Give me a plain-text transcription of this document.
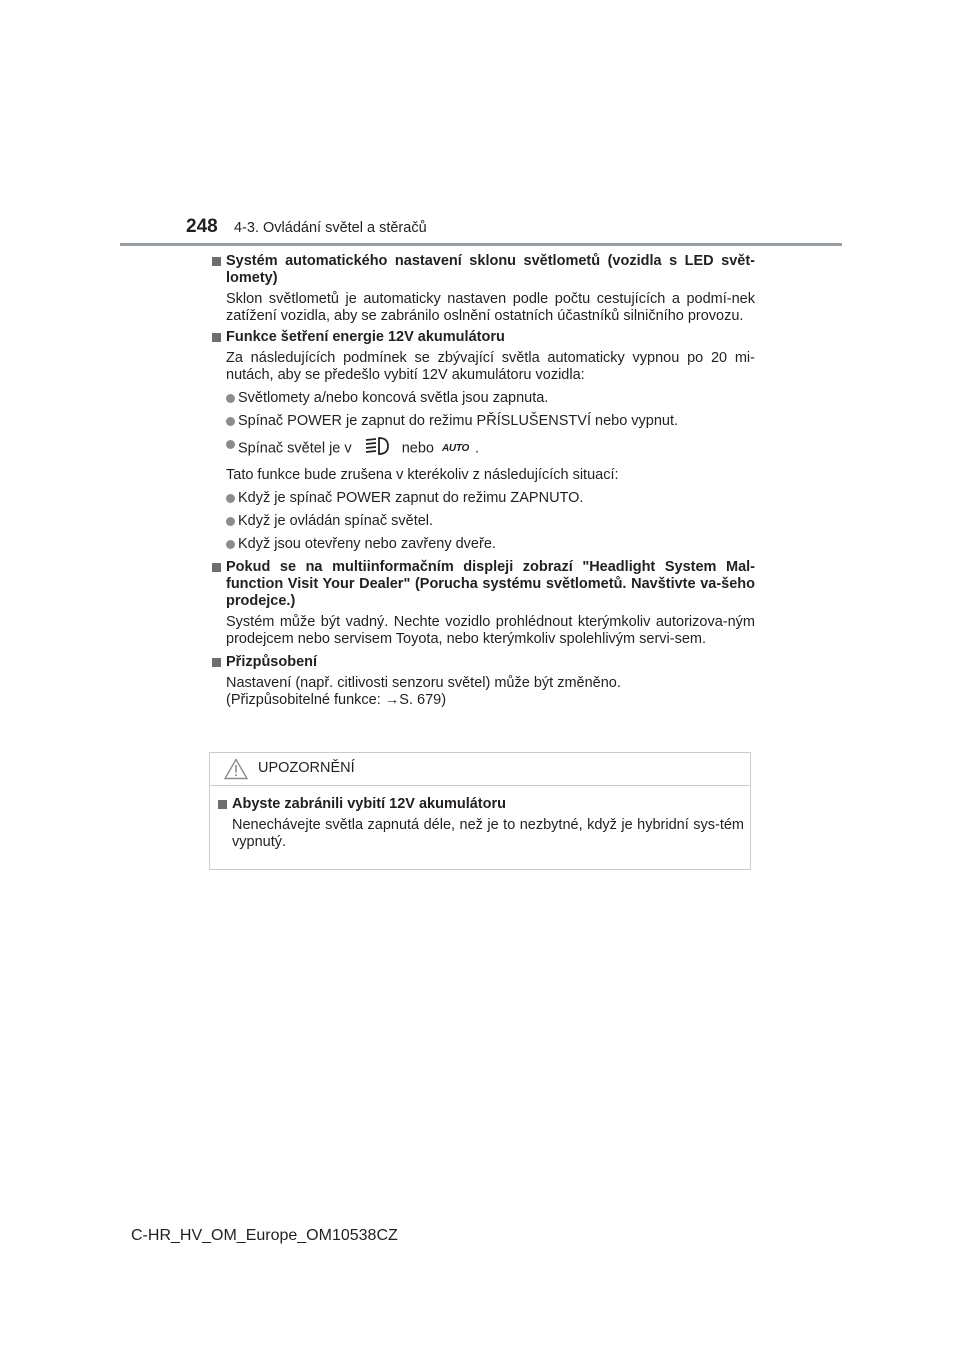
248 4-3. Ovládání světel a stěračů
Systém automatického nastavení sklonu světlometů (vozidla s LED svět-lomety)
Sklon světlometů je automaticky nastaven podle počtu cestujících a podmí-nek zatížení vozidla, aby se zabránilo oslnění ostatních účastníků silničního provozu.
Funkce šetření energie 12V akumulátoru
Za následujících podmínek se zbývající světla automaticky vypnou po 20 mi-nutách, aby se předešlo vybití 12V akumulátoru vozidla:
Světlomety a/nebo koncová světla jsou zapnuta.
Spínač POWER je zapnut do režimu PŘÍSLUŠENSTVÍ nebo vypnut.
Spínač světel je v	nebo AUTO .
Tato funkce bude zrušena v kterékoliv z následujících situací:
Když je spínač POWER zapnut do režimu ZAPNUTO.
Když je ovládán spínač světel.
Když jsou otevřeny nebo zavřeny dveře.
Pokud se na multiinformačním displeji zobrazí "Headlight System Mal-function Visit Your Dealer" (Porucha systému světlometů. Navštivte va-šeho prodejce.)
Systém může být vadný. Nechte vozidlo prohlédnout kterýmkoliv autorizova-ným prodejcem nebo servisem Toyota, nebo kterýmkoliv spolehlivým servi-sem.
Přizpůsobení
Nastavení (např. citlivosti senzoru světel) může být změněno.
(Přizpůsobitelné funkce: →S. 679)
UPOZORNĚNÍ
Abyste zabránili vybití 12V akumulátoru
Nenechávejte světla zapnutá déle, než je to nezbytné, když je hybridní sys-tém vypnutý.
C-HR_HV_OM_Europe_OM10538CZ
